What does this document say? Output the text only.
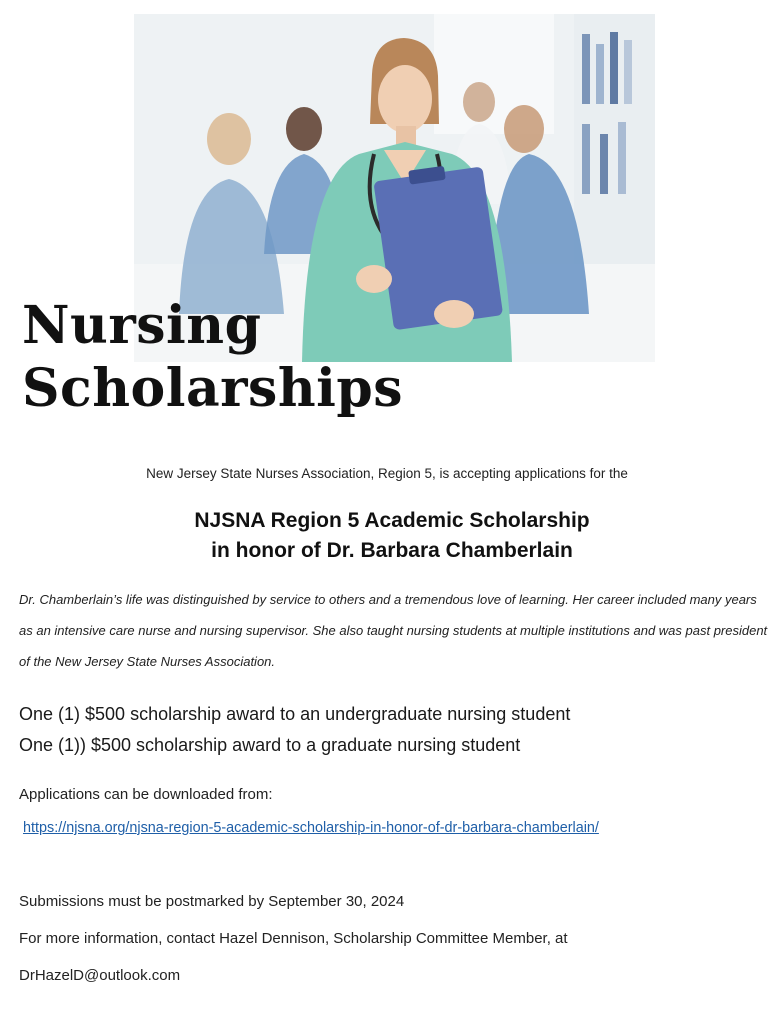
Nursing
Scholarships
New Jersey State Nurses Association, Region 5, is accepting applications for the
NJSNA Region 5 Academic Scholarship
in honor of Dr. Barbara Chamberlain

Dr. Chamberlain’s life was distinguished by service to others and a tremendous love of learning. Her career included many years as an intensive care nurse and nursing supervisor. She also taught nursing students at multiple institutions and was past president of the New Jersey State Nurses Association.

One (1) $500 scholarship award to an undergraduate nursing student
One (1)) $500 scholarship award to a graduate nursing student
Applications can be downloaded from:
https://njsna.org/njsna-region-5-academic-scholarship-in-honor-of-dr-barbara-chamberlain/
Submissions must be postmarked by September 30, 2024
For more information, contact Hazel Dennison, Scholarship Committee Member, at
DrHazelD@outlook.com
